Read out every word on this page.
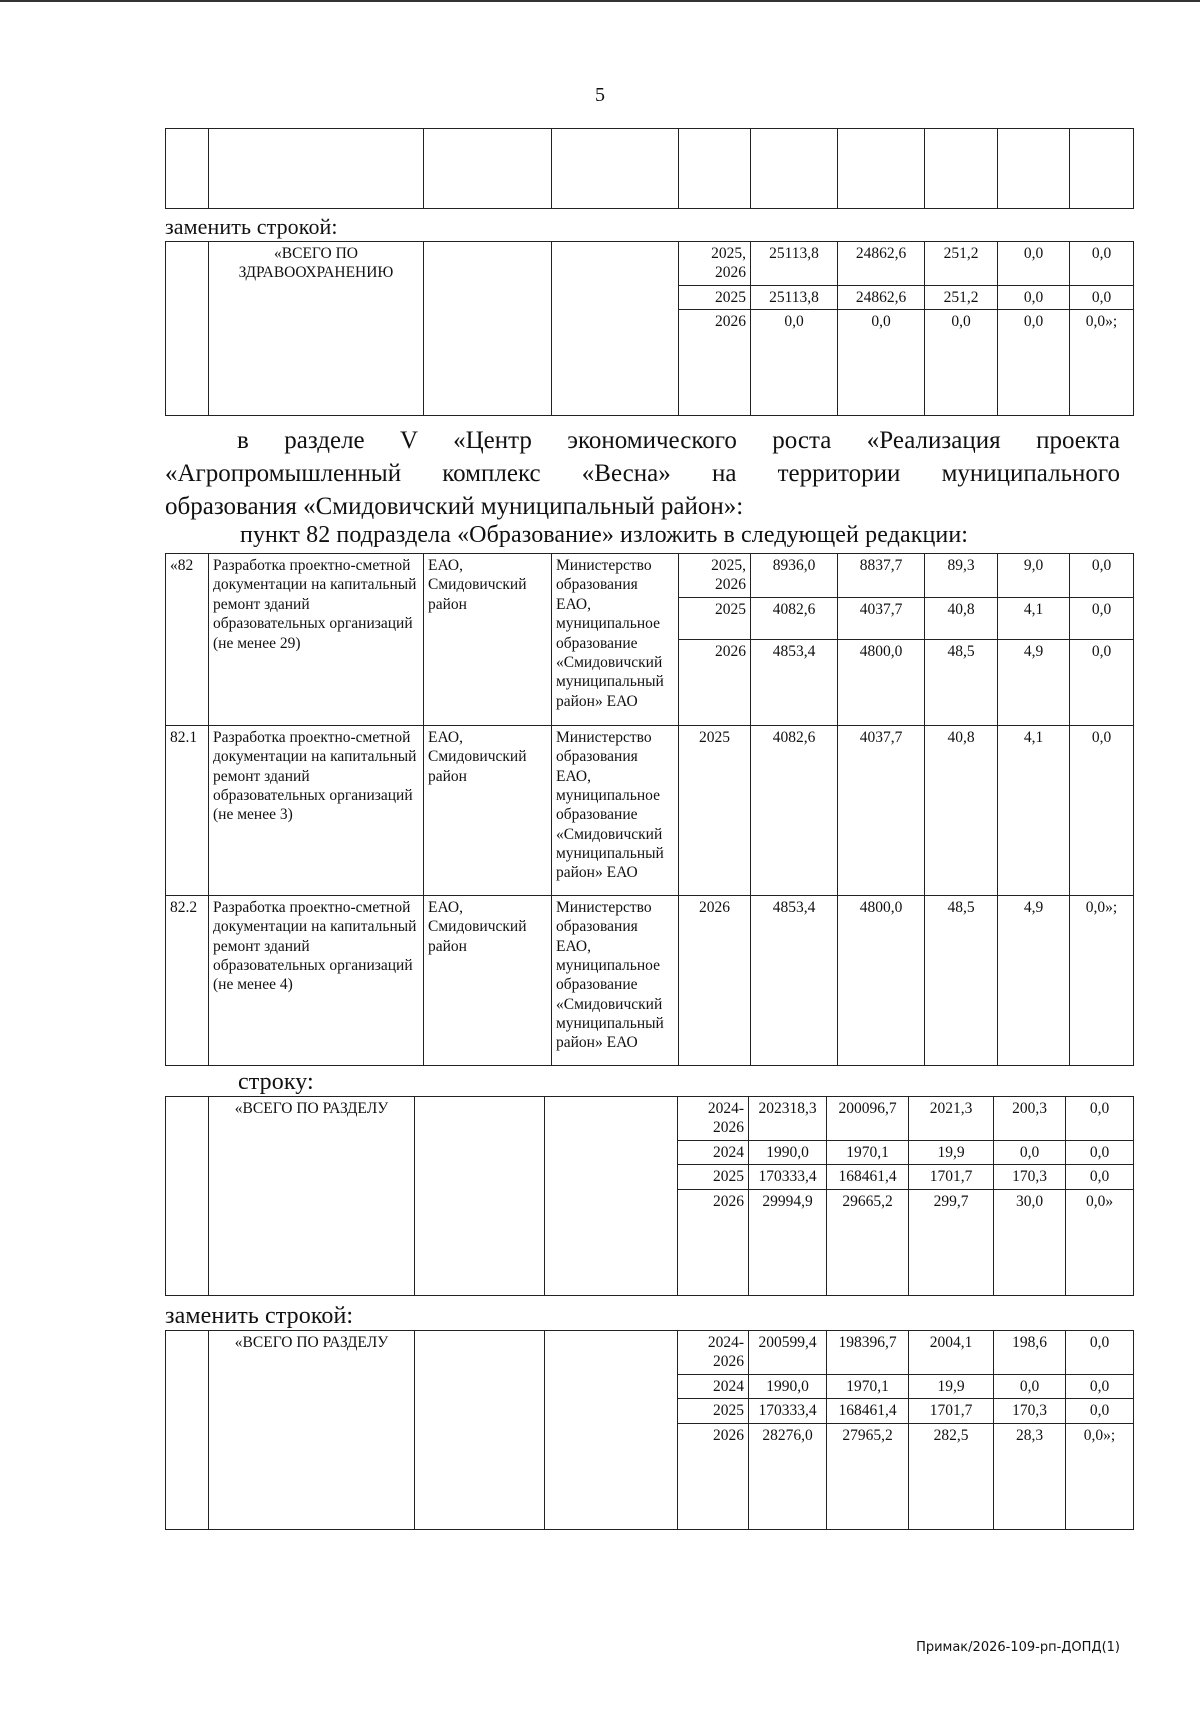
5

заменить строкой:
	«ВСЕГО ПО ЗДРАВООХРАНЕНИЮ			2025, 2026	25113,8	24862,6	251,2	0,0	0,0
				2025	25113,8	24862,6	251,2	0,0	0,0
				2026	0,0	0,0	0,0	0,0	0,0»;
в разделе V «Центр экономического роста «Реализация проекта
«Агропромышленный комплекс «Весна» на территории муниципального
образования «Смидовичский муниципальный район»:
пункт 82 подраздела «Образование» изложить в следующей редакции:
«82	Разработка проектно-сметной документации на капитальный ремонт зданий образовательных организаций (не менее 29)	ЕАО, Смидовичский район	Министерство образования ЕАО, муниципальное образование «Смидовичский муниципальный район» ЕАО	2025, 2026	8936,0	8837,7	89,3	9,0	0,0
				2025	4082,6	4037,7	40,8	4,1	0,0
				2026	4853,4	4800,0	48,5	4,9	0,0
82.1	Разработка проектно-сметной документации на капитальный ремонт зданий образовательных организаций (не менее 3)	ЕАО, Смидовичский район	Министерство образования ЕАО, муниципальное образование «Смидовичский муниципальный район» ЕАО	2025	4082,6	4037,7	40,8	4,1	0,0
82.2	Разработка проектно-сметной документации на капитальный ремонт зданий образовательных организаций (не менее 4)	ЕАО, Смидовичский район	Министерство образования ЕАО, муниципальное образование «Смидовичский муниципальный район» ЕАО	2026	4853,4	4800,0	48,5	4,9	0,0»;
строку:
	«ВСЕГО ПО РАЗДЕЛУ			2024-2026	202318,3	200096,7	2021,3	200,3	0,0
				2024	1990,0	1970,1	19,9	0,0	0,0
				2025	170333,4	168461,4	1701,7	170,3	0,0
				2026	29994,9	29665,2	299,7	30,0	0,0»
заменить строкой:
	«ВСЕГО ПО РАЗДЕЛУ			2024-2026	200599,4	198396,7	2004,1	198,6	0,0
				2024	1990,0	1970,1	19,9	0,0	0,0
				2025	170333,4	168461,4	1701,7	170,3	0,0
				2026	28276,0	27965,2	282,5	28,3	0,0»;
Примак/2026-109-рп-ДОПД(1)
